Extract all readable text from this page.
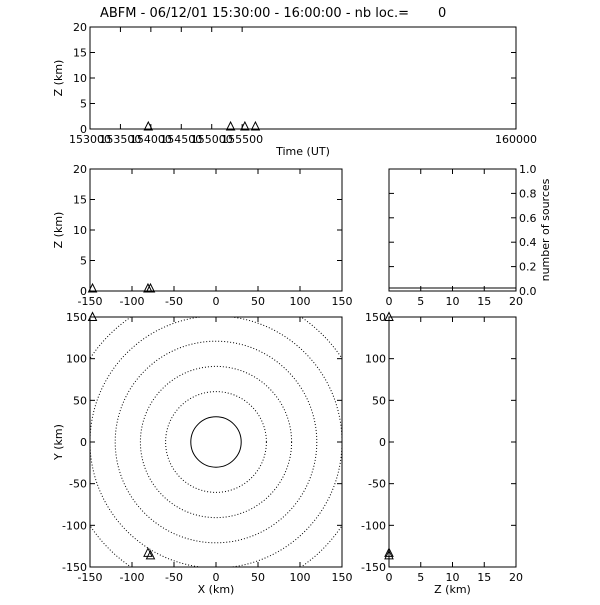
ABFM - 06/12/01 15:30:00 - 16:00:00 - nb loc.=       0
153000
153500
154000
154500
155000
155500	160000
0
5
10
15
20
Time (UT)
Z (km)
-150 -100 -50	0	50 100 150
0
5
10
15
20
Z (km)
0 5 10 15 20
0.0
0.2
0.4
0.6
0.8
1.0
number of sources
-150 -100 -50	0	50 100 150
-150
-100
-50
0
50
100
150
X (km)
Y (km)
0 5 10 15 20
-150
-100
-50
0
50
100
150
Z (km)
